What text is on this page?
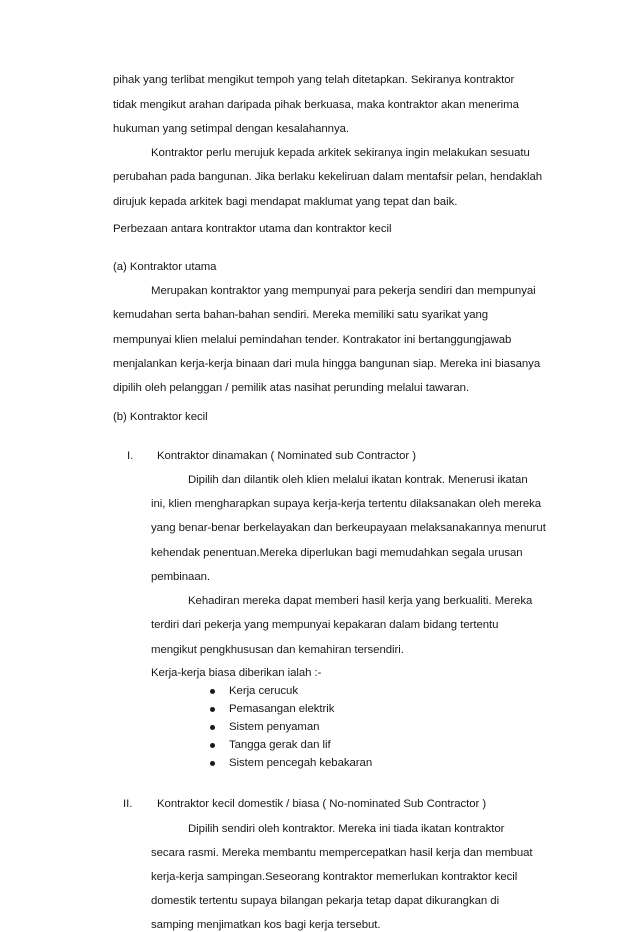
pihak yang terlibat mengikut tempoh yang telah ditetapkan. Sekiranya kontraktor
tidak mengikut arahan daripada pihak berkuasa, maka kontraktor akan menerima
hukuman yang setimpal dengan kesalahannya.
Kontraktor perlu merujuk kepada arkitek sekiranya ingin melakukan sesuatu
perubahan pada bangunan. Jika berlaku kekeliruan dalam mentafsir pelan, hendaklah
dirujuk kepada arkitek bagi mendapat maklumat yang tepat dan baik.
Perbezaan antara kontraktor utama dan kontraktor kecil
(a) Kontraktor utama
Merupakan kontraktor yang mempunyai para pekerja sendiri dan mempunyai
kemudahan serta bahan-bahan sendiri. Mereka memiliki satu syarikat yang
mempunyai klien melalui pemindahan tender. Kontrakator ini bertanggungjawab
menjalankan kerja-kerja binaan dari mula hingga bangunan siap. Mereka ini biasanya
dipilih oleh pelanggan / pemilik atas nasihat perunding melalui tawaran.
(b) Kontraktor kecil
I. Kontraktor dinamakan ( Nominated sub Contractor )
Dipilih dan dilantik oleh klien melalui ikatan kontrak. Menerusi ikatan
ini, klien mengharapkan supaya kerja-kerja tertentu dilaksanakan oleh mereka
yang benar-benar berkelayakan dan berkeupayaan melaksanakannya menurut
kehendak penentuan.Mereka diperlukan bagi memudahkan segala urusan
pembinaan.
Kehadiran mereka dapat memberi hasil kerja yang berkualiti. Mereka
terdiri dari pekerja yang mempunyai kepakaran dalam bidang tertentu
mengikut pengkhususan dan kemahiran tersendiri.
Kerja-kerja biasa diberikan ialah :-
Kerja cerucuk
Pemasangan elektrik
Sistem penyaman
Tangga gerak dan lif
Sistem pencegah kebakaran
II. Kontraktor kecil domestik / biasa ( No-nominated Sub Contractor )
Dipilih sendiri oleh kontraktor. Mereka ini tiada ikatan kontraktor
secara rasmi. Mereka membantu mempercepatkan hasil kerja dan membuat
kerja-kerja sampingan.Seseorang kontraktor memerlukan kontraktor kecil
domestik tertentu supaya bilangan pekarja tetap dapat dikurangkan di
samping menjimatkan kos bagi kerja tersebut.
